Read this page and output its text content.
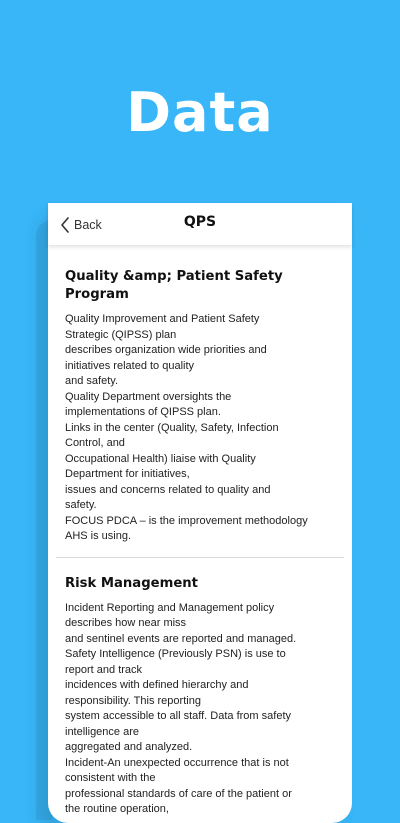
Data
Back	QPS
Quality &amp; Patient Safety Program
Quality Improvement and Patient Safety
Strategic (QIPSS) plan
describes organization wide priorities and
initiatives related to quality
and safety.
Quality Department oversights the
implementations of QIPSS plan.
Links in the center (Quality, Safety, Infection
Control, and
Occupational Health) liaise with Quality
Department for initiatives,
issues and concerns related to quality and
safety.
FOCUS PDCA – is the improvement methodology
AHS is using.
Risk Management
Incident Reporting and Management policy
describes how near miss
and sentinel events are reported and managed.
Safety Intelligence (Previously PSN) is use to
report and track
incidences with defined hierarchy and
responsibility. This reporting
system accessible to all staff. Data from safety
intelligence are
aggregated and analyzed.
Incident-An unexpected occurrence that is not
consistent with the
professional standards of care of the patient or
the routine operation,
